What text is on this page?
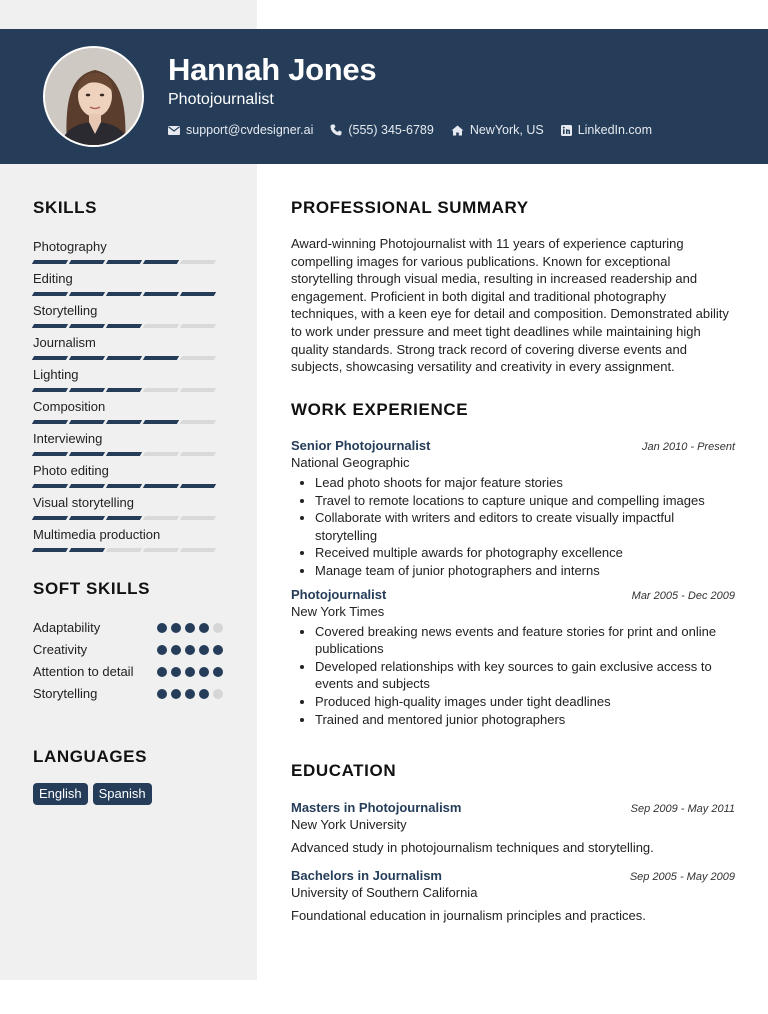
Hannah Jones
Photojournalist
support@cvdesigner.ai	(555) 345-6789	NewYork, US	LinkedIn.com
SKILLS
Photography
Editing
Storytelling
Journalism
Lighting
Composition
Interviewing
Photo editing
Visual storytelling
Multimedia production
SOFT SKILLS
Adaptability
Creativity
Attention to detail
Storytelling
LANGUAGES
English	Spanish
PROFESSIONAL SUMMARY
Award-winning Photojournalist with 11 years of experience capturing compelling images for various publications. Known for exceptional storytelling through visual media, resulting in increased readership and engagement. Proficient in both digital and traditional photography techniques, with a keen eye for detail and composition. Demonstrated ability to work under pressure and meet tight deadlines while maintaining high quality standards. Strong track record of covering diverse events and subjects, showcasing versatility and creativity in every assignment.
WORK EXPERIENCE
Senior Photojournalist	Jan 2010 - Present
National Geographic
• Lead photo shoots for major feature stories
• Travel to remote locations to capture unique and compelling images
• Collaborate with writers and editors to create visually impactful storytelling
• Received multiple awards for photography excellence
• Manage team of junior photographers and interns
Photojournalist	Mar 2005 - Dec 2009
New York Times
• Covered breaking news events and feature stories for print and online publications
• Developed relationships with key sources to gain exclusive access to events and subjects
• Produced high-quality images under tight deadlines
• Trained and mentored junior photographers
EDUCATION
Masters in Photojournalism	Sep 2009 - May 2011
New York University
Advanced study in photojournalism techniques and storytelling.
Bachelors in Journalism	Sep 2005 - May 2009
University of Southern California
Foundational education in journalism principles and practices.
